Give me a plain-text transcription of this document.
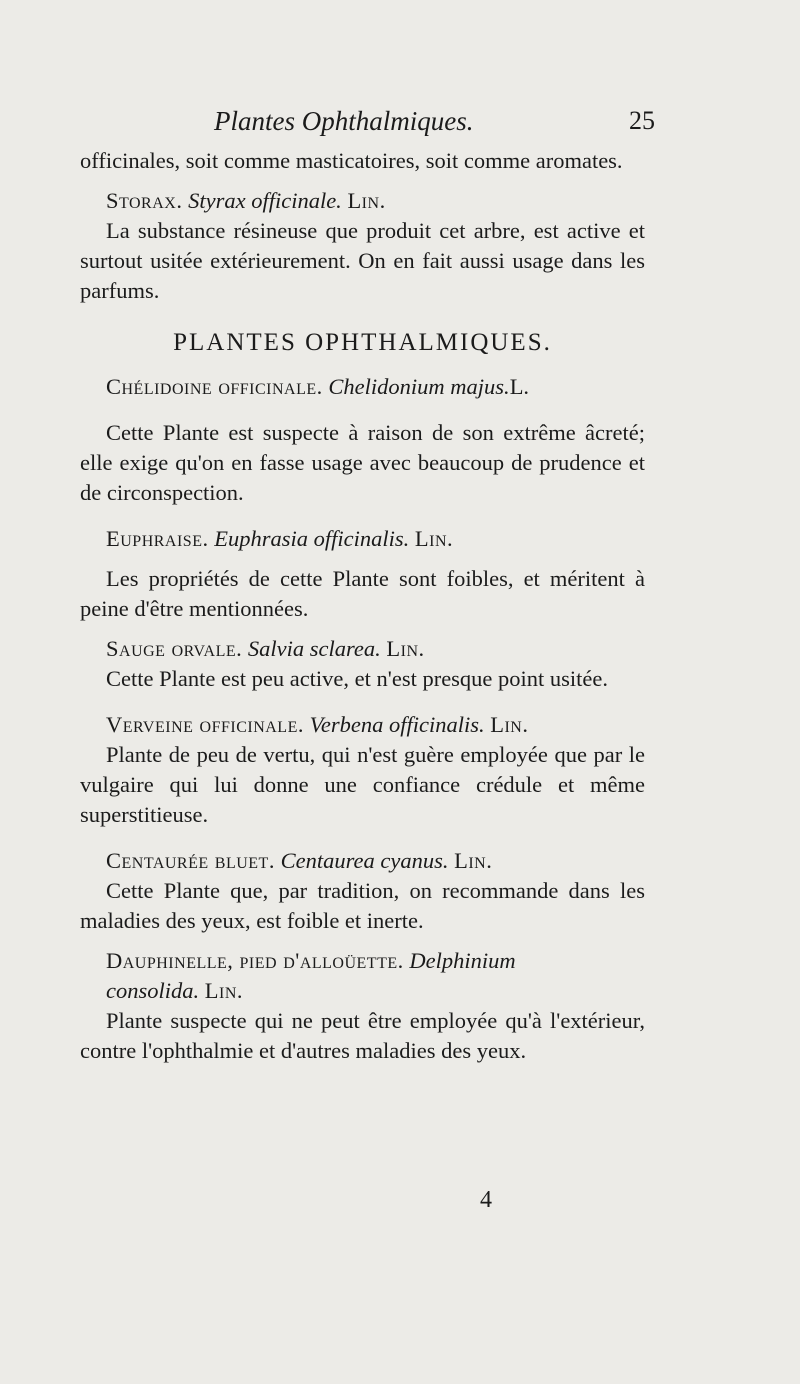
Plantes Ophthalmiques.	25

officinales, soit comme masticatoires, soit comme aromates.

Storax. Styrax officinale. Lin.

La substance résineuse que produit cet arbre, est active et surtout usitée extérieurement. On en fait aussi usage dans les parfums.

PLANTES OPHTHALMIQUES.

Chélidoine officinale. Chelidonium majus.L.

Cette Plante est suspecte à raison de son extrême âcreté; elle exige qu'on en fasse usage avec beaucoup de prudence et de circonspection.

Euphraise. Euphrasia officinalis. Lin.

Les propriétés de cette Plante sont foibles, et méritent à peine d'être mentionnées.

Sauge orvale. Salvia sclarea. Lin.

Cette Plante est peu active, et n'est presque point usitée.

Verveine officinale. Verbena officinalis. Lin.

Plante de peu de vertu, qui n'est guère employée que par le vulgaire qui lui donne une confiance crédule et même superstitieuse.

Centaurée bluet. Centaurea cyanus. Lin.

Cette Plante que, par tradition, on recommande dans les maladies des yeux, est foible et inerte.

Dauphinelle, pied d'alloüette. Delphinium

consolida. Lin.

Plante suspecte qui ne peut être employée qu'à l'extérieur, contre l'ophthalmie et d'autres maladies des yeux.

4
